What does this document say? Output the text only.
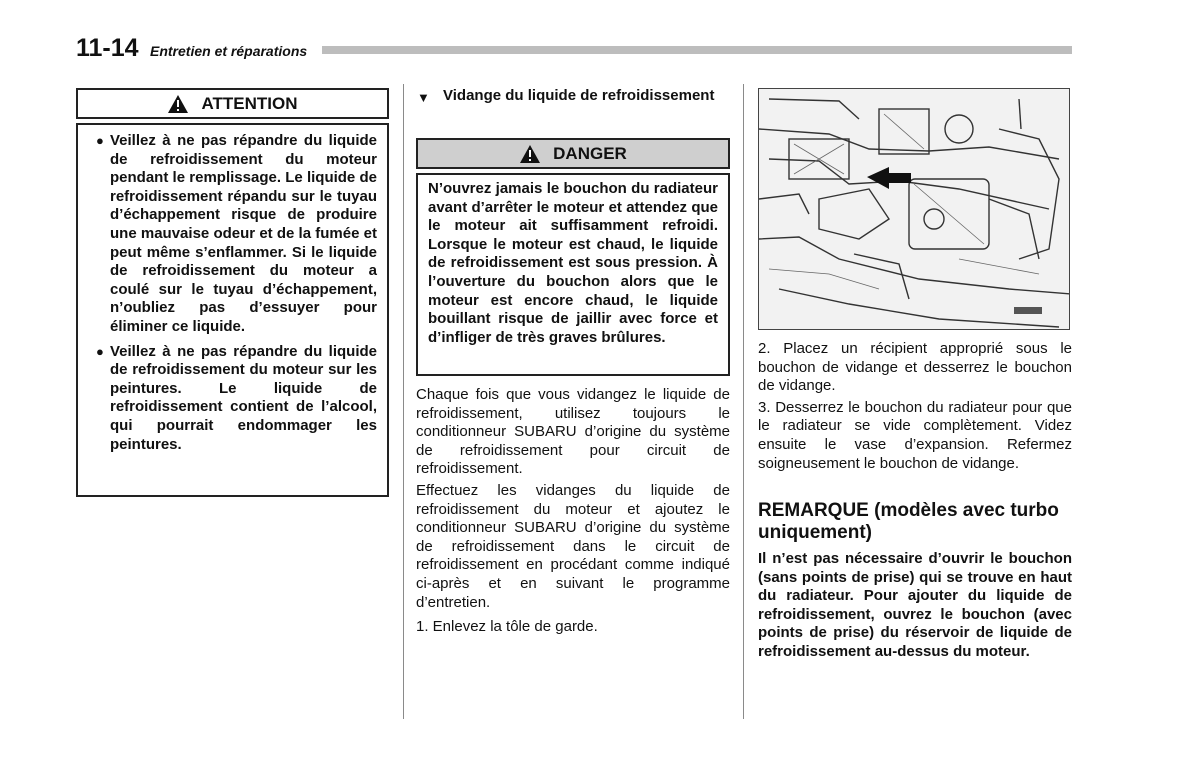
11-14 Entretien et réparations
ATTENTION
● Veillez à ne pas répandre du liquide de refroidissement du moteur pendant le remplissage. Le liquide de refroidissement répandu sur le tuyau d’échappement risque de produire une mauvaise odeur et de la fumée et peut même s’enflammer. Si le liquide de refroidissement du moteur a coulé sur le tuyau d’échappement, n’oubliez pas d’essuyer pour éliminer ce liquide.
● Veillez à ne pas répandre du liquide de refroidissement du moteur sur les peintures. Le liquide de refroidissement contient de l’alcool, qui pourrait endommager les peintures.
▼ Vidange du liquide de refroidissement
DANGER
N’ouvrez jamais le bouchon du radiateur avant d’arrêter le moteur et attendez que le moteur ait suffisamment refroidi. Lorsque le moteur est chaud, le liquide de refroidissement est sous pression. À l’ouverture du bouchon alors que le moteur est encore chaud, le liquide bouillant risque de jaillir avec force et d’infliger de très graves brûlures.

Chaque fois que vous vidangez le liquide de refroidissement, utilisez toujours le conditionneur SUBARU d’origine du système de refroidissement pour circuit de refroidissement.

Effectuez les vidanges du liquide de refroidissement du moteur et ajoutez le conditionneur SUBARU d’origine du système de refroidissement dans le circuit de refroidissement en procédant comme indiqué ci-après et en suivant le programme d’entretien.

1. Enlevez la tôle de garde.

2. Placez un récipient approprié sous le bouchon de vidange et desserrez le bouchon de vidange.

3. Desserrez le bouchon du radiateur pour que le radiateur se vide complètement. Videz ensuite le vase d’expansion. Refermez soigneusement le bouchon de vidange.

REMARQUE (modèles avec turbo uniquement)
Il n’est pas nécessaire d’ouvrir le bouchon (sans points de prise) qui se trouve en haut du radiateur. Pour ajouter du liquide de refroidissement, ouvrez le bouchon (avec points de prise) du réservoir de liquide de refroidissement au-dessus du moteur.
